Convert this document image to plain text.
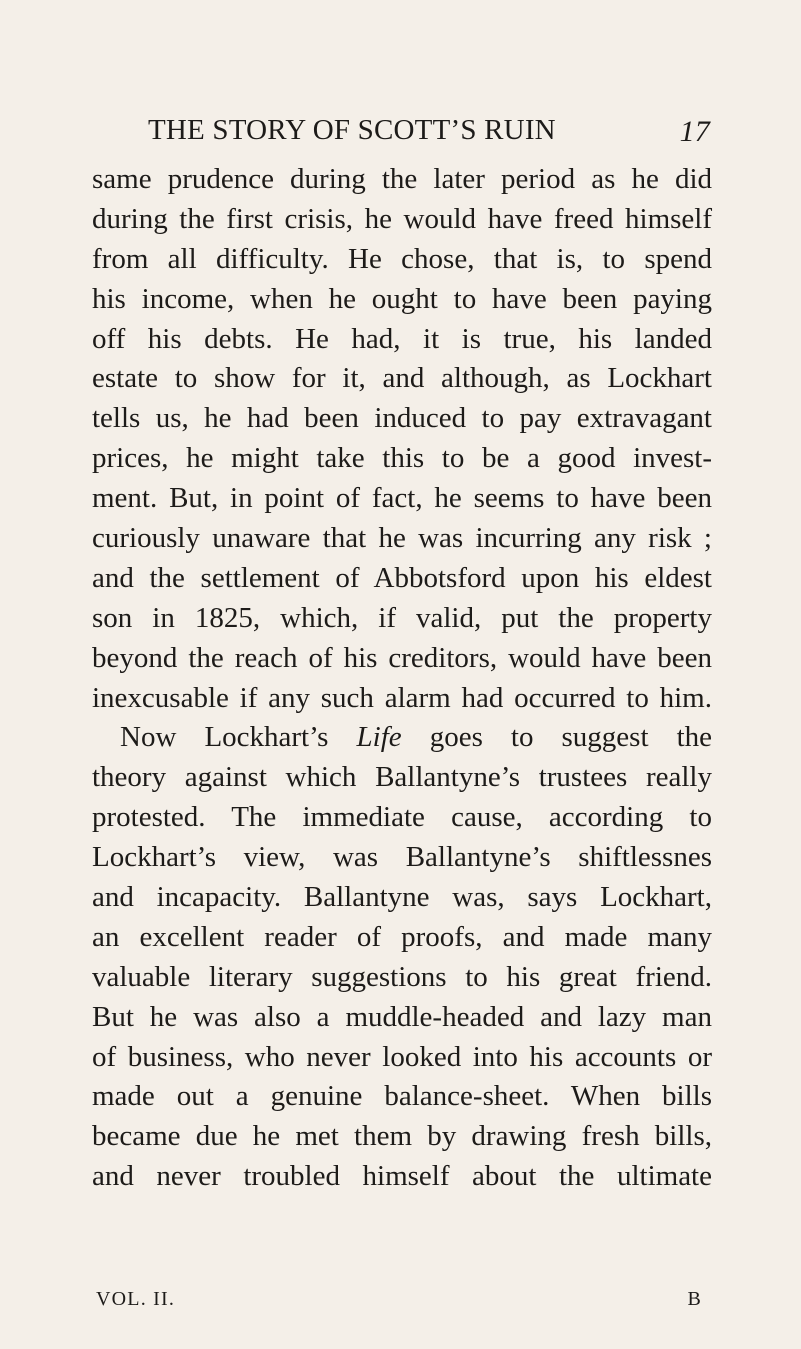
THE STORY OF SCOTT’S RUIN	17
same prudence during the later period as he did
during the first crisis, he would have freed himself
from all difficulty. He chose, that is, to spend
his income, when he ought to have been paying
off his debts. He had, it is true, his landed
estate to show for it, and although, as Lockhart
tells us, he had been induced to pay extravagant
prices, he might take this to be a good invest-
ment. But, in point of fact, he seems to have been
curiously unaware that he was incurring any risk ;
and the settlement of Abbotsford upon his eldest
son in 1825, which, if valid, put the property
beyond the reach of his creditors, would have been
inexcusable if any such alarm had occurred to him.
Now Lockhart’s Life goes to suggest the
theory against which Ballantyne’s trustees really
protested. The immediate cause, according to
Lockhart’s view, was Ballantyne’s shiftlessnes
and incapacity. Ballantyne was, says Lockhart,
an excellent reader of proofs, and made many
valuable literary suggestions to his great friend.
But he was also a muddle-headed and lazy man
of business, who never looked into his accounts or
made out a genuine balance-sheet. When bills
became due he met them by drawing fresh bills,
and never troubled himself about the ultimate
VOL. II.	B
